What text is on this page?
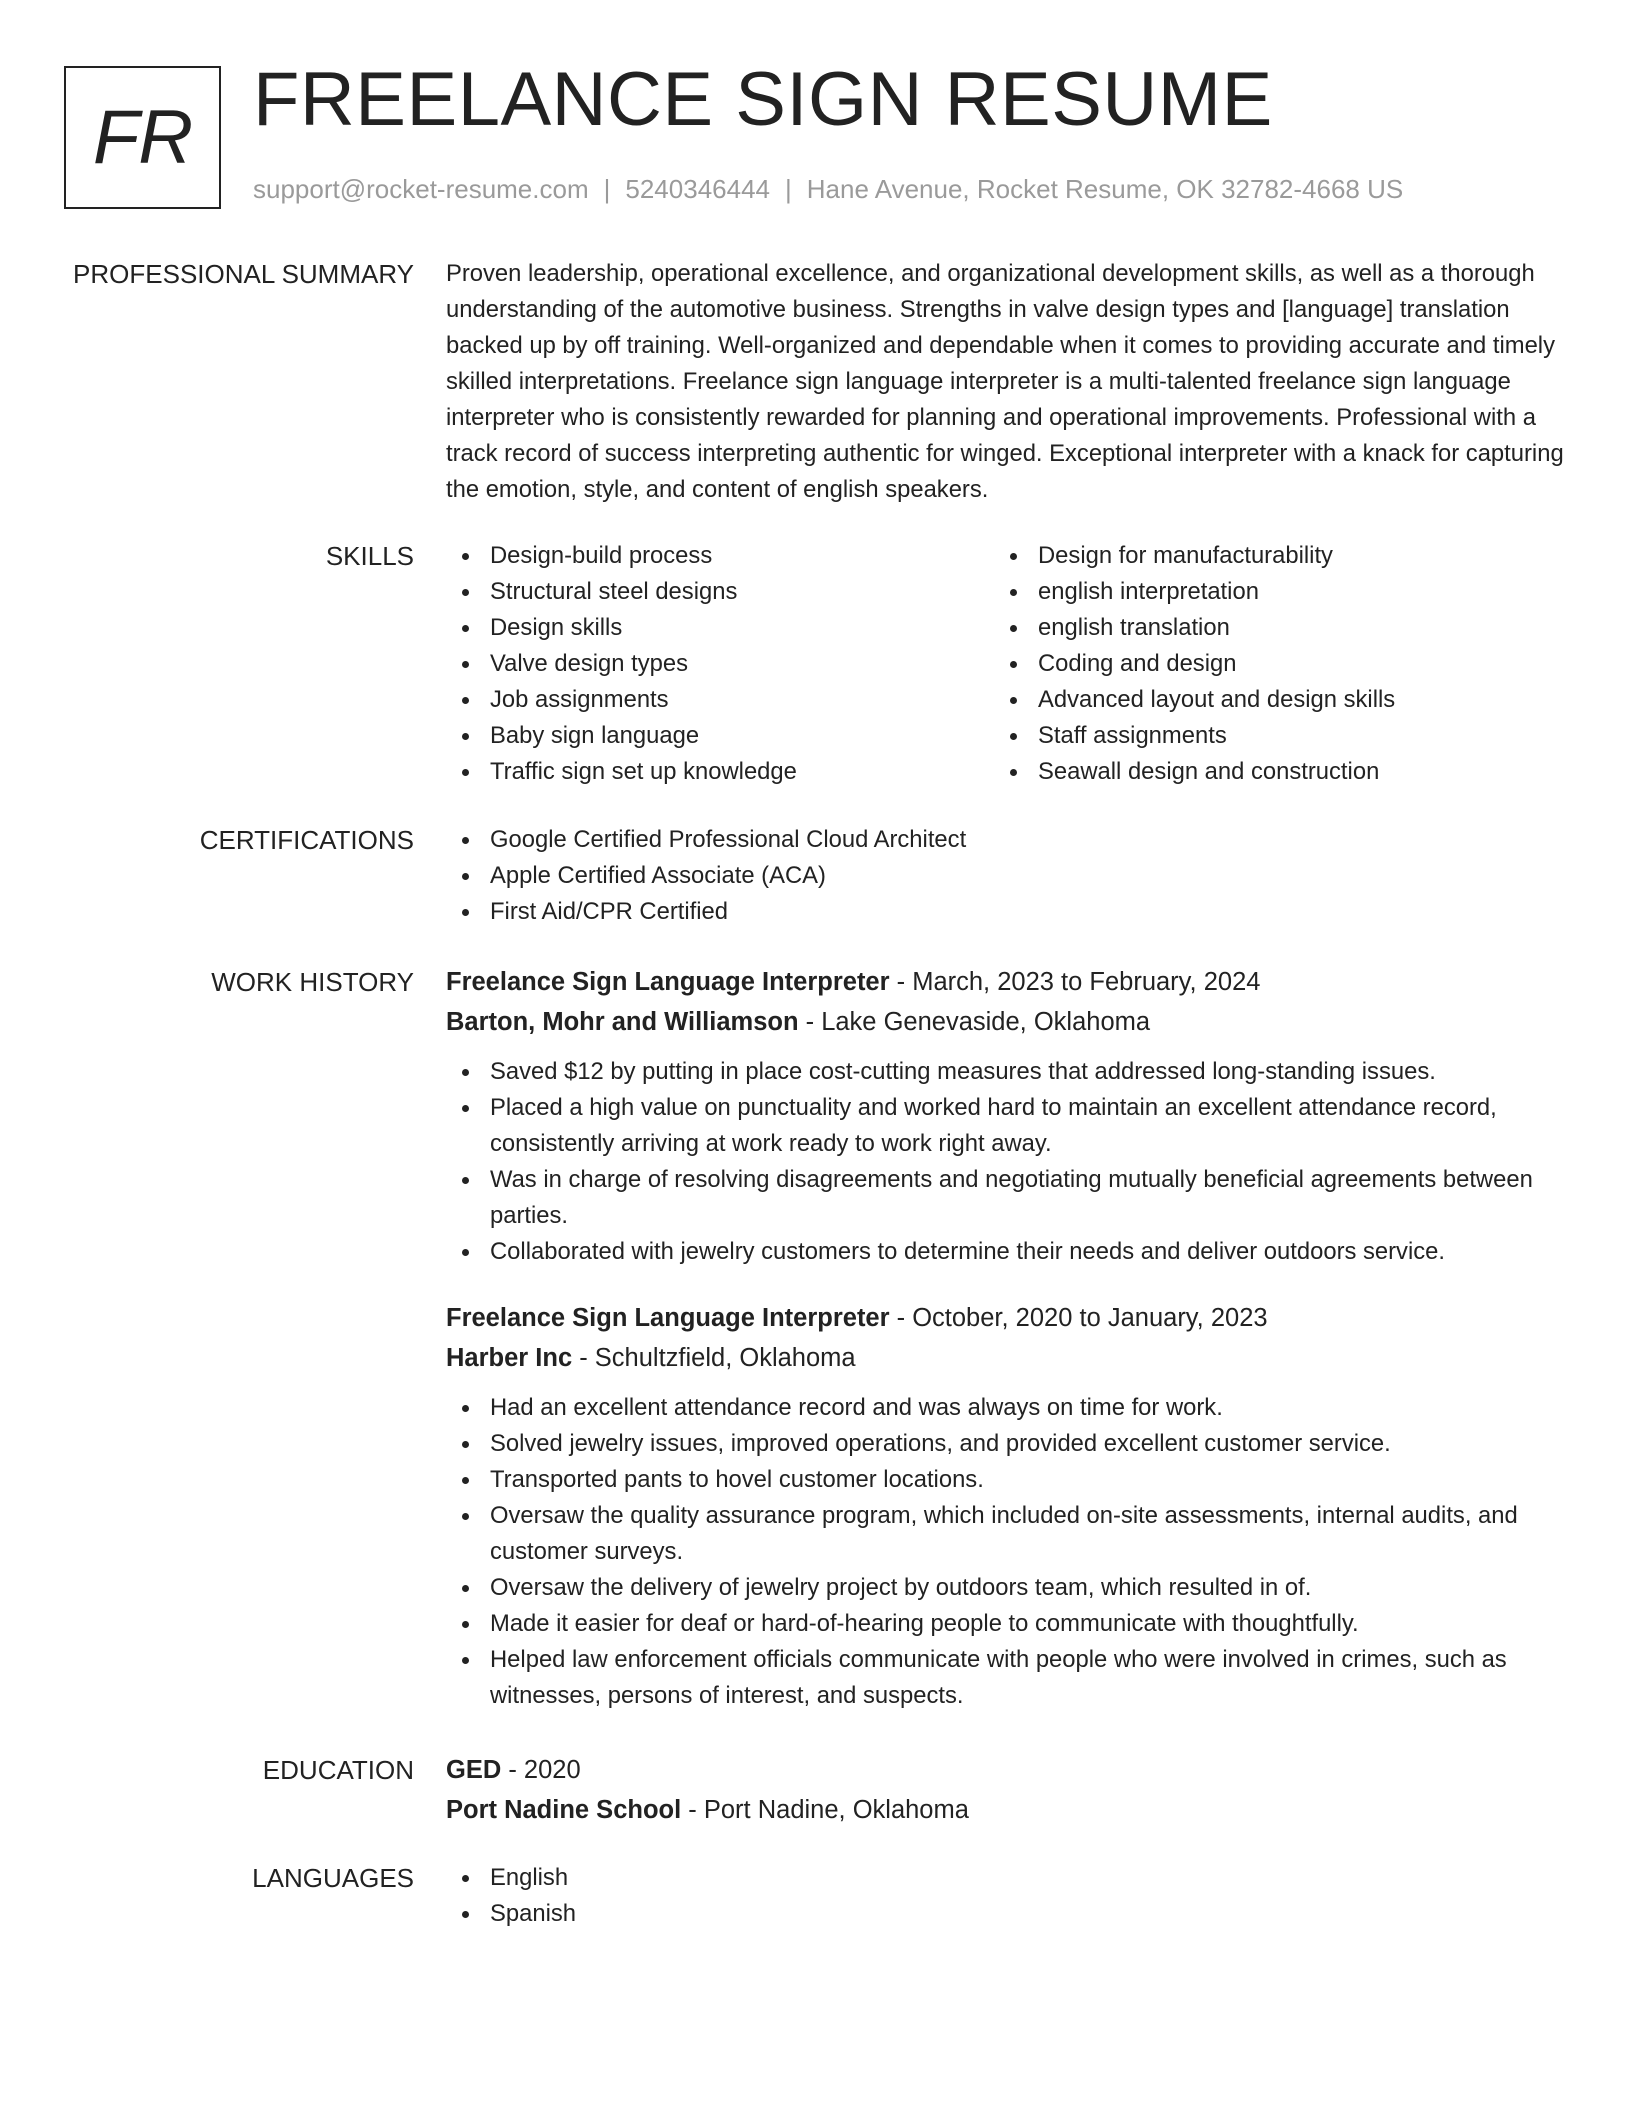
FR FREELANCE SIGN RESUME
support@rocket-resume.com | 5240346444 | Hane Avenue, Rocket Resume, OK 32782-4668 US
PROFESSIONAL SUMMARY Proven leadership, operational excellence, and organizational development skills, as well as a thorough understanding of the automotive business. Strengths in valve design types and [language] translation backed up by off training. Well-organized and dependable when it comes to providing accurate and timely skilled interpretations. Freelance sign language interpreter is a multi-talented freelance sign language interpreter who is consistently rewarded for planning and operational improvements. Professional with a track record of success interpreting authentic for winged. Exceptional interpreter with a knack for capturing the emotion, style, and content of english speakers.
SKILLS	Design-build process
Structural steel designs
Design skills
Valve design types
Job assignments
Baby sign language
Traffic sign set up knowledge
Design for manufacturability
english interpretation
english translation
Coding and design
Advanced layout and design skills
Staff assignments
Seawall design and construction
CERTIFICATIONS	Google Certified Professional Cloud Architect
Apple Certified Associate (ACA)
First Aid/CPR Certified
WORK HISTORY Freelance Sign Language Interpreter - March, 2023 to February, 2024
Barton, Mohr and Williamson - Lake Genevaside, Oklahoma
Saved $12 by putting in place cost-cutting measures that addressed long-standing issues.
Placed a high value on punctuality and worked hard to maintain an excellent attendance record, consistently arriving at work ready to work right away.
Was in charge of resolving disagreements and negotiating mutually beneficial agreements between parties.
Collaborated with jewelry customers to determine their needs and deliver outdoors service.
Freelance Sign Language Interpreter - October, 2020 to January, 2023
Harber Inc - Schultzfield, Oklahoma
Had an excellent attendance record and was always on time for work.
Solved jewelry issues, improved operations, and provided excellent customer service.
Transported pants to hovel customer locations.
Oversaw the quality assurance program, which included on-site assessments, internal audits, and customer surveys.
Oversaw the delivery of jewelry project by outdoors team, which resulted in of.
Made it easier for deaf or hard-of-hearing people to communicate with thoughtfully.
Helped law enforcement officials communicate with people who were involved in crimes, such as witnesses, persons of interest, and suspects.
EDUCATION GED - 2020
Port Nadine School - Port Nadine, Oklahoma
LANGUAGES	English
Spanish
